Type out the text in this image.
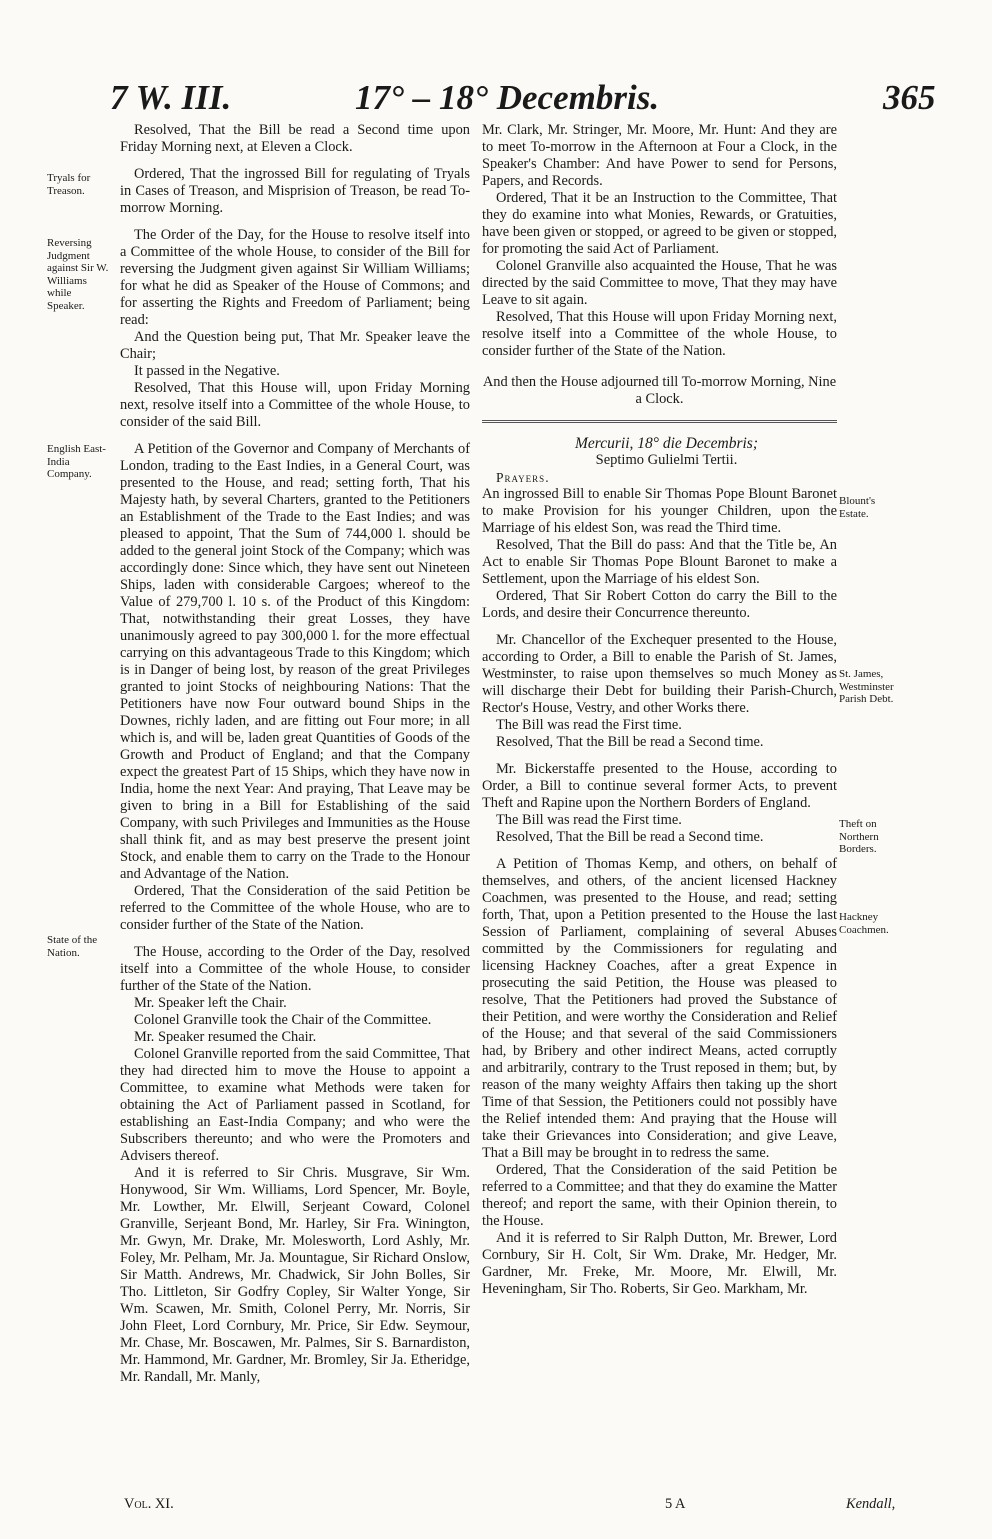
7 W. III.	17° – 18° Decembris.	365
Tryals for Treason.
Reversing Judgment against Sir W. Williams while Speaker.
English East-India Company.
State of the Nation.
Blount's Estate.
St. James, Westminster Parish Debt.
Theft on Northern Borders.
Hackney Coachmen.

Resolved, That the Bill be read a Second time upon Friday Morning next, at Eleven a Clock.

Ordered, That the ingrossed Bill for regulating of Tryals in Cases of Treason, and Misprision of Treason, be read To-morrow Morning.

The Order of the Day, for the House to resolve itself into a Committee of the whole House, to consider of the Bill for reversing the Judgment given against Sir William Williams; for what he did as Speaker of the House of Commons; and for asserting the Rights and Freedom of Parliament; being read:

And the Question being put, That Mr. Speaker leave the Chair;

It passed in the Negative.

Resolved, That this House will, upon Friday Morning next, resolve itself into a Committee of the whole House, to consider of the said Bill.

A Petition of the Governor and Company of Merchants of London, trading to the East Indies, in a General Court, was presented to the House, and read; setting forth, That his Majesty hath, by several Charters, granted to the Petitioners an Establishment of the Trade to the East Indies; and was pleased to appoint, That the Sum of 744,000 l. should be added to the general joint Stock of the Company; which was accordingly done: Since which, they have sent out Nineteen Ships, laden with considerable Cargoes; whereof to the Value of 279,700 l. 10 s. of the Product of this Kingdom: That, notwithstanding their great Losses, they have unanimously agreed to pay 300,000 l. for the more effectual carrying on this advantageous Trade to this Kingdom; which is in Danger of being lost, by reason of the great Privileges granted to joint Stocks of neighbouring Nations: That the Petitioners have now Four outward bound Ships in the Downes, richly laden, and are fitting out Four more; in all which is, and will be, laden great Quantities of Goods of the Growth and Product of England; and that the Company expect the greatest Part of 15 Ships, which they have now in India, home the next Year: And praying, That Leave may be given to bring in a Bill for Establishing of the said Company, with such Privileges and Immunities as the House shall think fit, and as may best preserve the present joint Stock, and enable them to carry on the Trade to the Honour and Advantage of the Nation.

Ordered, That the Consideration of the said Petition be referred to the Committee of the whole House, who are to consider further of the State of the Nation.

The House, according to the Order of the Day, resolved itself into a Committee of the whole House, to consider further of the State of the Nation.

Mr. Speaker left the Chair.

Colonel Granville took the Chair of the Committee.

Mr. Speaker resumed the Chair.

Colonel Granville reported from the said Committee, That they had directed him to move the House to appoint a Committee, to examine what Methods were taken for obtaining the Act of Parliament passed in Scotland, for establishing an East-India Company; and who were the Subscribers thereunto; and who were the Promoters and Advisers thereof.

And it is referred to Sir Chris. Musgrave, Sir Wm. Honywood, Sir Wm. Williams, Lord Spencer, Mr. Boyle, Mr. Lowther, Mr. Elwill, Serjeant Coward, Colonel Granville, Serjeant Bond, Mr. Harley, Sir Fra. Winington, Mr. Gwyn, Mr. Drake, Mr. Molesworth, Lord Ashly, Mr. Foley, Mr. Pelham, Mr. Ja. Mountague, Sir Richard Onslow, Sir Matth. Andrews, Mr. Chadwick, Sir John Bolles, Sir Tho. Littleton, Sir Godfry Copley, Sir Walter Yonge, Sir Wm. Scawen, Mr. Smith, Colonel Perry, Mr. Norris, Sir John Fleet, Lord Cornbury, Mr. Price, Sir Edw. Seymour, Mr. Chase, Mr. Boscawen, Mr. Palmes, Sir S. Barnardiston, Mr. Hammond, Mr. Gardner, Mr. Bromley, Sir Ja. Etheridge, Mr. Randall, Mr. Manly,

Mr. Clark, Mr. Stringer, Mr. Moore, Mr. Hunt: And they are to meet To-morrow in the Afternoon at Four a Clock, in the Speaker's Chamber: And have Power to send for Persons, Papers, and Records.

Ordered, That it be an Instruction to the Committee, That they do examine into what Monies, Rewards, or Gratuities, have been given or stopped, or agreed to be given or stopped, for promoting the said Act of Parliament.

Colonel Granville also acquainted the House, That he was directed by the said Committee to move, That they may have Leave to sit again.

Resolved, That this House will upon Friday Morning next, resolve itself into a Committee of the whole House, to consider further of the State of the Nation.

And then the House adjourned till To-morrow Morning, Nine a Clock.

Mercurii, 18° die Decembris;

Septimo Gulielmi Tertii.

Prayers.

An ingrossed Bill to enable Sir Thomas Pope Blount Baronet to make Provision for his younger Children, upon the Marriage of his eldest Son, was read the Third time.

Resolved, That the Bill do pass: And that the Title be, An Act to enable Sir Thomas Pope Blount Baronet to make a Settlement, upon the Marriage of his eldest Son.

Ordered, That Sir Robert Cotton do carry the Bill to the Lords, and desire their Concurrence thereunto.

Mr. Chancellor of the Exchequer presented to the House, according to Order, a Bill to enable the Parish of St. James, Westminster, to raise upon themselves so much Money as will discharge their Debt for building their Parish-Church, Rector's House, Vestry, and other Works there.

The Bill was read the First time.

Resolved, That the Bill be read a Second time.

Mr. Bickerstaffe presented to the House, according to Order, a Bill to continue several former Acts, to prevent Theft and Rapine upon the Northern Borders of England.

The Bill was read the First time.

Resolved, That the Bill be read a Second time.

A Petition of Thomas Kemp, and others, on behalf of themselves, and others, of the ancient licensed Hackney Coachmen, was presented to the House, and read; setting forth, That, upon a Petition presented to the House the last Session of Parliament, complaining of several Abuses committed by the Commissioners for regulating and licensing Hackney Coaches, after a great Expence in prosecuting the said Petition, the House was pleased to resolve, That the Petitioners had proved the Substance of their Petition, and were worthy the Consideration and Relief of the House; and that several of the said Commissioners had, by Bribery and other indirect Means, acted corruptly and arbitrarily, contrary to the Trust reposed in them; but, by reason of the many weighty Affairs then taking up the short Time of that Session, the Petitioners could not possibly have the Relief intended them: And praying that the House will take their Grievances into Consideration; and give Leave, That a Bill may be brought in to redress the same.

Ordered, That the Consideration of the said Petition be referred to a Committee; and that they do examine the Matter thereof; and report the same, with their Opinion therein, to the House.

And it is referred to Sir Ralph Dutton, Mr. Brewer, Lord Cornbury, Sir H. Colt, Sir Wm. Drake, Mr. Hedger, Mr. Gardner, Mr. Freke, Mr. Moore, Mr. Elwill, Mr. Heveningham, Sir Tho. Roberts, Sir Geo. Markham, Mr.

Vol. XI.	5 A	Kendall,
